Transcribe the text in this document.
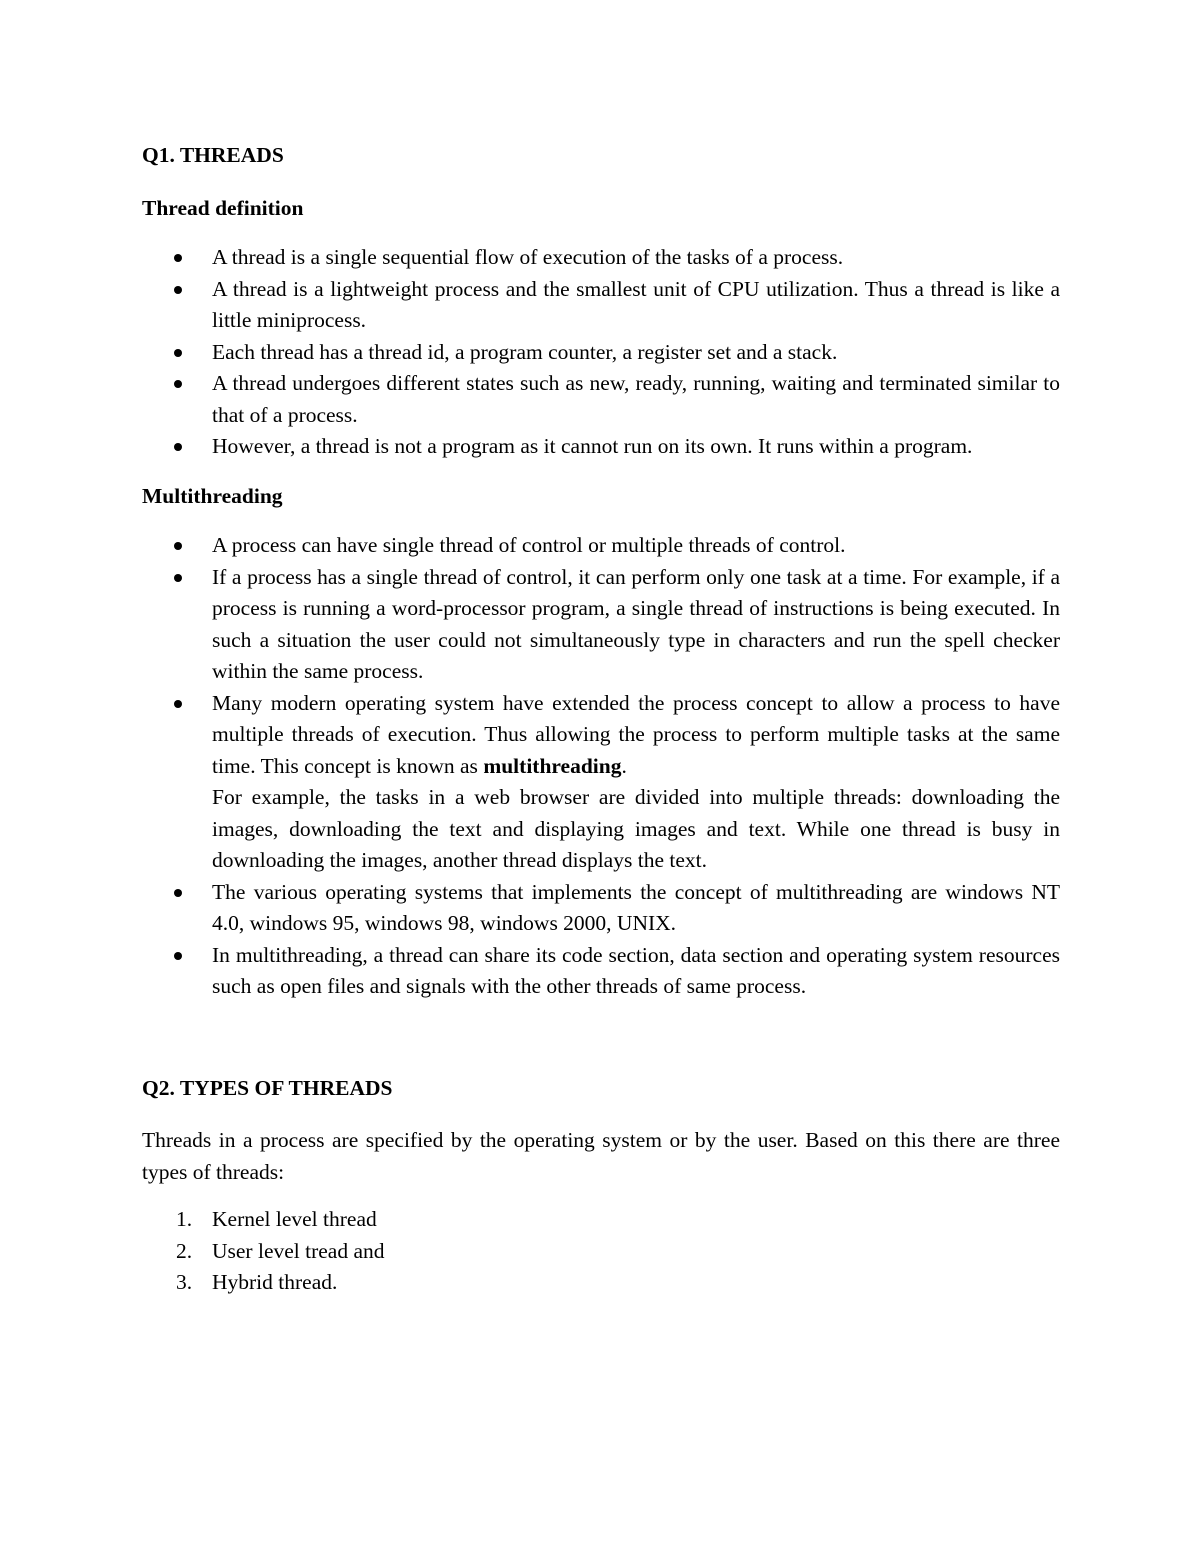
Q1. THREADS
Thread definition
A thread is a single sequential flow of execution of the tasks of a process.
A thread is a lightweight process and the smallest unit of CPU utilization. Thus a thread is like a little miniprocess.
Each thread has a thread id, a program counter, a register set and a stack.
A thread undergoes different states such as new, ready, running, waiting and terminated similar to that of a process.
However, a thread is not a program as it cannot run on its own. It runs within a program.
Multithreading
A process can have single thread of control or multiple threads of control.
If a process has a single thread of control, it can perform only one task at a time. For example, if a process is running a word-processor program, a single thread of instructions is being executed. In such a situation the user could not simultaneously type in characters and run the spell checker within the same process.
Many modern operating system have extended the process concept to allow a process to have multiple threads of execution. Thus allowing the process to perform multiple tasks at the same time. This concept is known as multithreading.
For example, the tasks in a web browser are divided into multiple threads: downloading the images, downloading the text and displaying images and text. While one thread is busy in downloading the images, another thread displays the text.
The various operating systems that implements the concept of multithreading are windows NT 4.0, windows 95, windows 98, windows 2000, UNIX.
In multithreading, a thread can share its code section, data section and operating system resources such as open files and signals with the other threads of same process.
Q2. TYPES OF THREADS

Threads in a process are specified by the operating system or by the user. Based on this there are three types of threads:

1. Kernel level thread
2. User level tread and
3. Hybrid thread.
